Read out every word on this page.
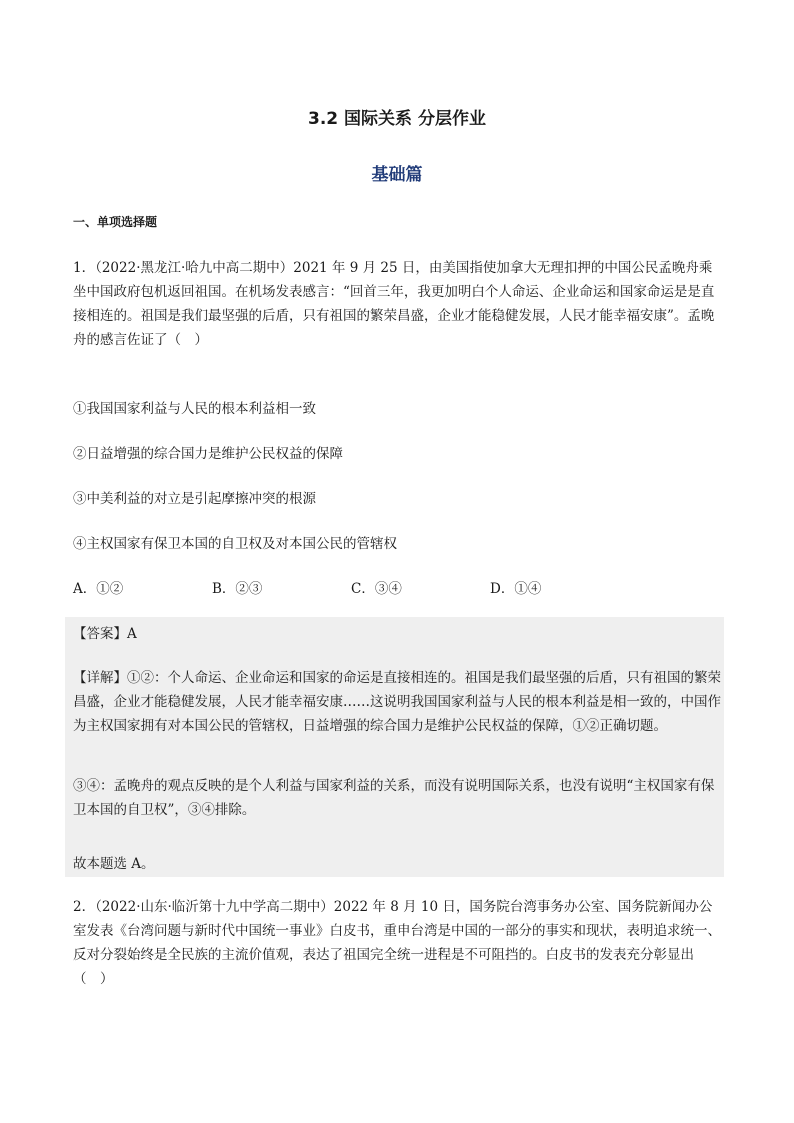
3.2 国际关系 分层作业
基础篇
一、单项选择题
1．（2022·黑龙江·哈九中高二期中）2021 年 9 月 25 日，由美国指使加拿大无理扣押的中国公民孟晚舟乘坐中国政府包机返回祖国。在机场发表感言：“回首三年，我更加明白个人命运、企业命运和国家命运是是直接相连的。祖国是我们最坚强的后盾，只有祖国的繁荣昌盛，企业才能稳健发展，人民才能幸福安康”。孟晚舟的感言佐证了（　）
①我国国家利益与人民的根本利益相一致
②日益增强的综合国力是维护公民权益的保障
③中美利益的对立是引起摩擦冲突的根源
④主权国家有保卫本国的自卫权及对本国公民的管辖权
A．①②	B．②③	C．③④	D．①④
【答案】A
【详解】①②：个人命运、企业命运和国家的命运是直接相连的。祖国是我们最坚强的后盾，只有祖国的繁荣昌盛，企业才能稳健发展，人民才能幸福安康……这说明我国国家利益与人民的根本利益是相一致的，中国作为主权国家拥有对本国公民的管辖权，日益增强的综合国力是维护公民权益的保障，①②正确切题。
③④：孟晚舟的观点反映的是个人利益与国家利益的关系，而没有说明国际关系，也没有说明“主权国家有保卫本国的自卫权”，③④排除。
故本题选 A。
2．（2022·山东·临沂第十九中学高二期中）2022 年 8 月 10 日，国务院台湾事务办公室、国务院新闻办公室发表《台湾问题与新时代中国统一事业》白皮书，重申台湾是中国的一部分的事实和现状，表明追求统一、反对分裂始终是全民族的主流价值观，表达了祖国完全统一进程是不可阻挡的。白皮书的发表充分彰显出（　）
